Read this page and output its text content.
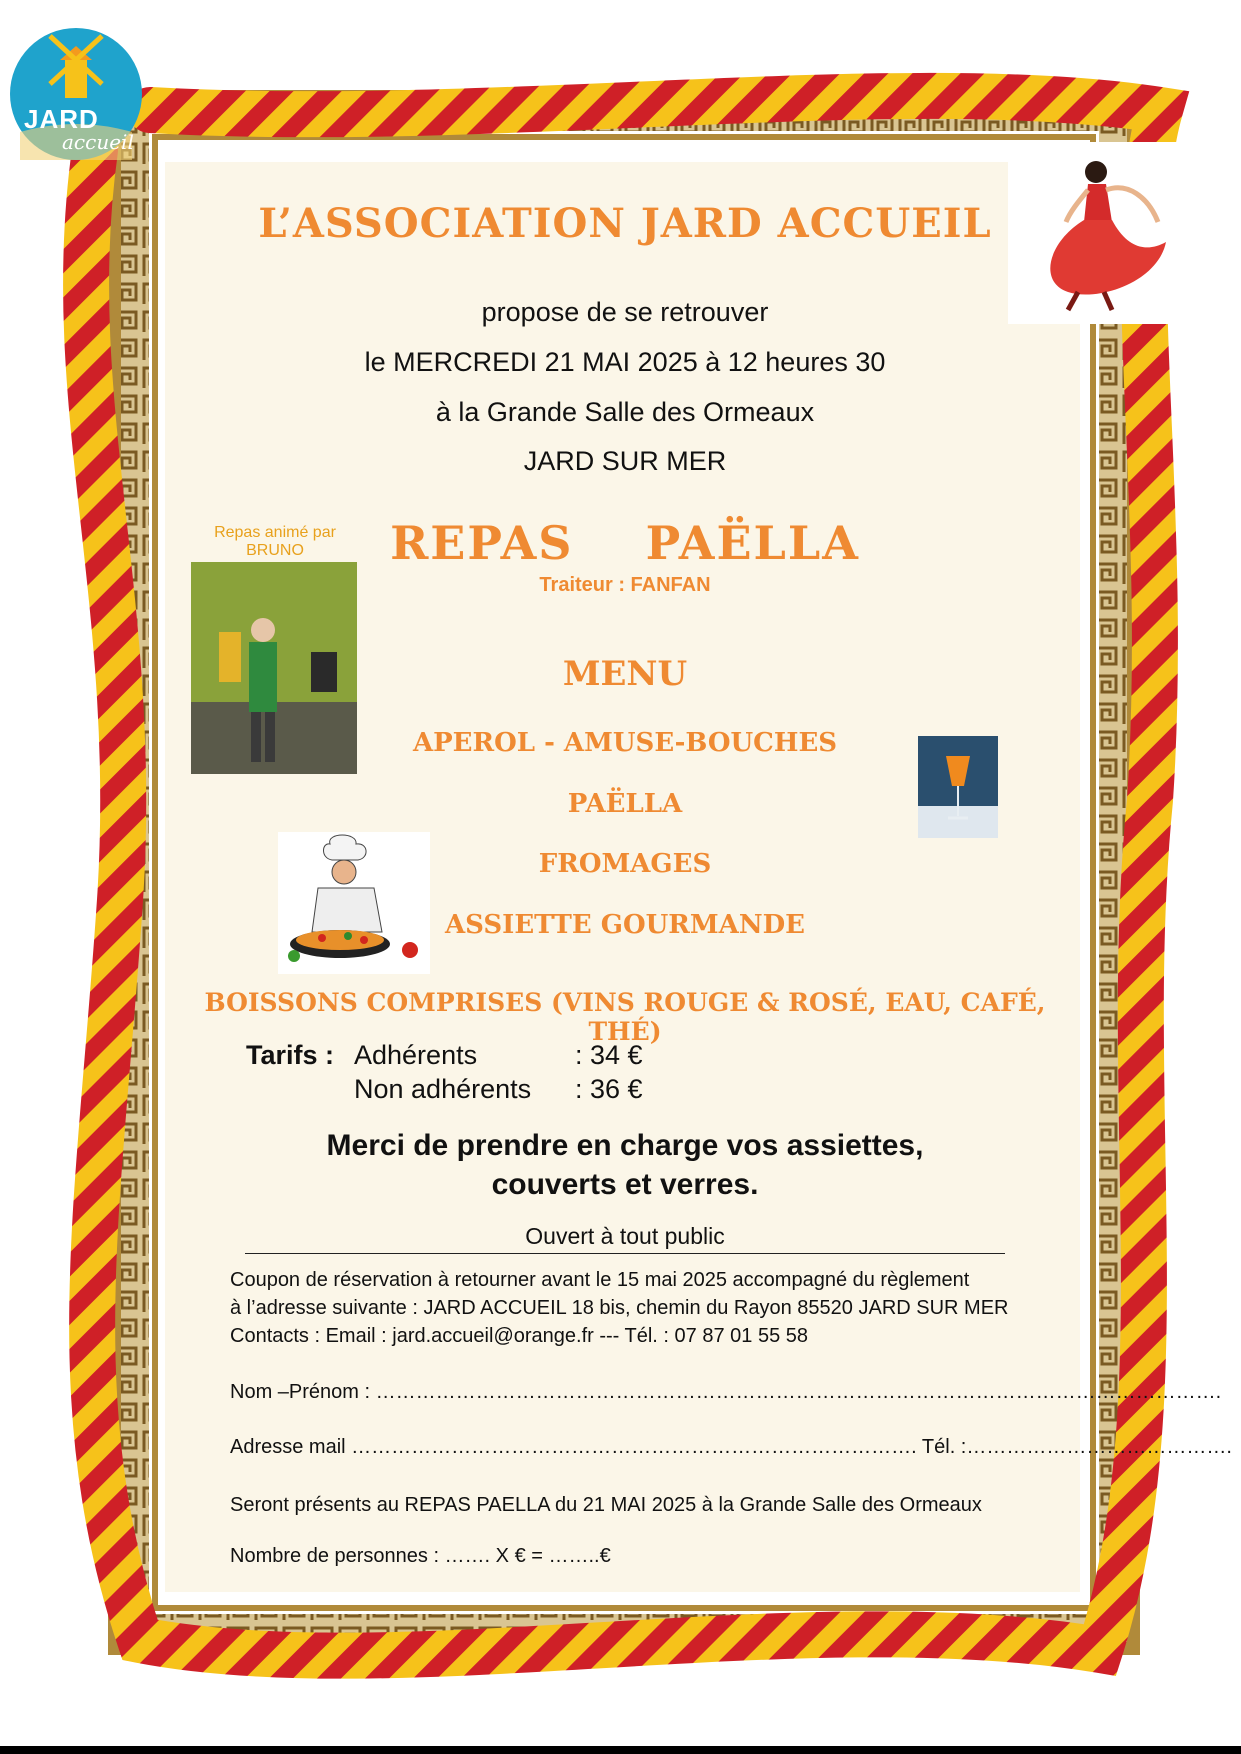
JARD
accueil
L’ASSOCIATION JARD ACCUEIL
propose de se retrouver
le MERCREDI 21 MAI 2025 à 12 heures 30
à la Grande Salle des Ormeaux
JARD SUR MER
Repas animé par BRUNO	REPAS    PAËLLA
Traiteur : FANFAN
MENU
APEROL - AMUSE-BOUCHES
PAËLLA
FROMAGES
ASSIETTE GOURMANDE
BOISSONS COMPRISES (VINS ROUGE & ROSÉ, EAU, CAFÉ, THÉ)
Tarifs : Adhérents	: 34 €
Non adhérents : 36 €
Merci de prendre en charge vos assiettes,
couverts et verres.
Ouvert à tout public
Coupon de réservation à retourner avant le 15 mai 2025 accompagné du règlement
à l’adresse suivante : JARD ACCUEIL 18 bis, chemin du Rayon 85520 JARD SUR MER
Contacts : Email : jard.accueil@orange.fr --- Tél. : 07 87 01 55 58
Nom –Prénom : ……………………………………………………………………………………………………………….
Adresse mail …………………………………………………………………………. Tél. :………………………………….
Seront présents au REPAS PAELLA du 21 MAI 2025 à la Grande Salle des Ormeaux
Nombre de personnes : ……. X € = ……..€
